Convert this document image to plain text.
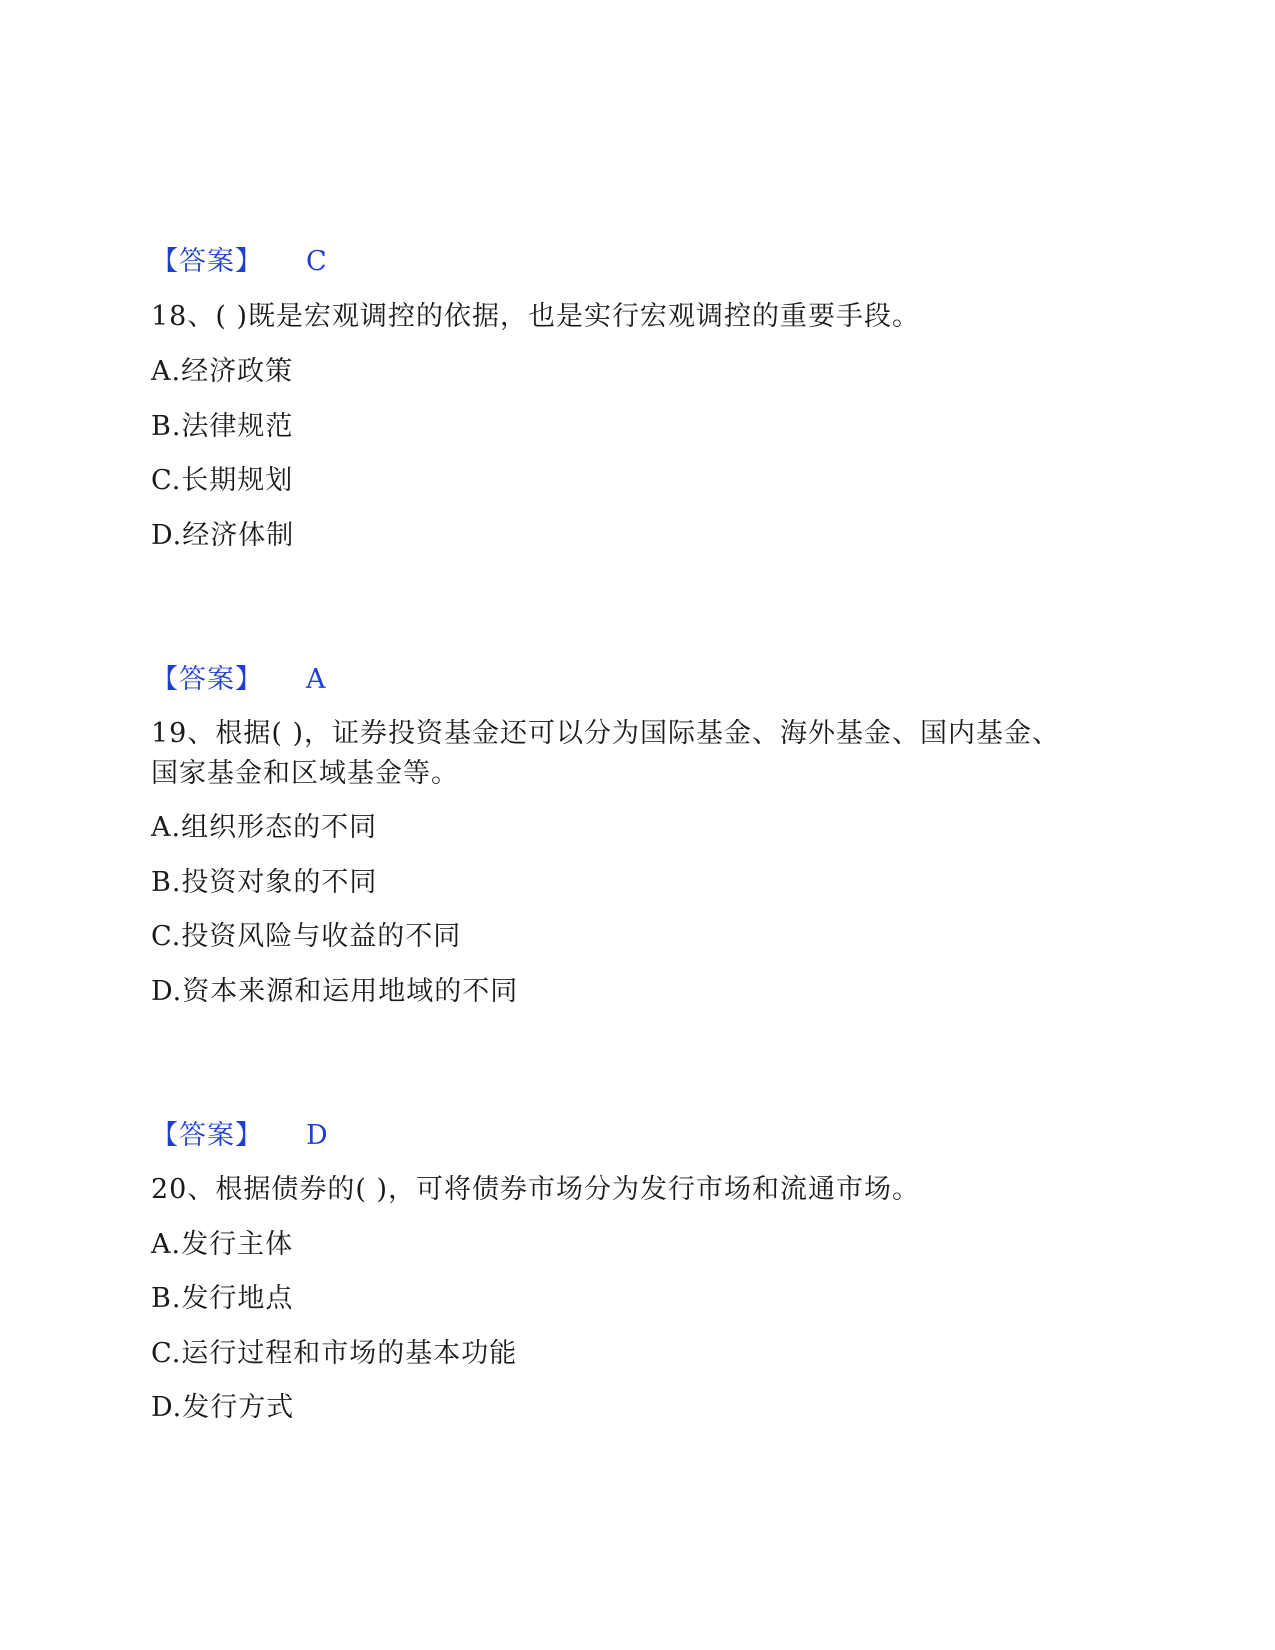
【答案】 C
18、( )既是宏观调控的依据，也是实行宏观调控的重要手段。
A.经济政策
B.法律规范
C.长期规划
D.经济体制
【答案】 A
19、根据( )，证券投资基金还可以分为国际基金、海外基金、国内基金、
国家基金和区域基金等。
A.组织形态的不同
B.投资对象的不同
C.投资风险与收益的不同
D.资本来源和运用地域的不同
【答案】 D
20、根据债券的( )，可将债券市场分为发行市场和流通市场。
A.发行主体
B.发行地点
C.运行过程和市场的基本功能
D.发行方式
